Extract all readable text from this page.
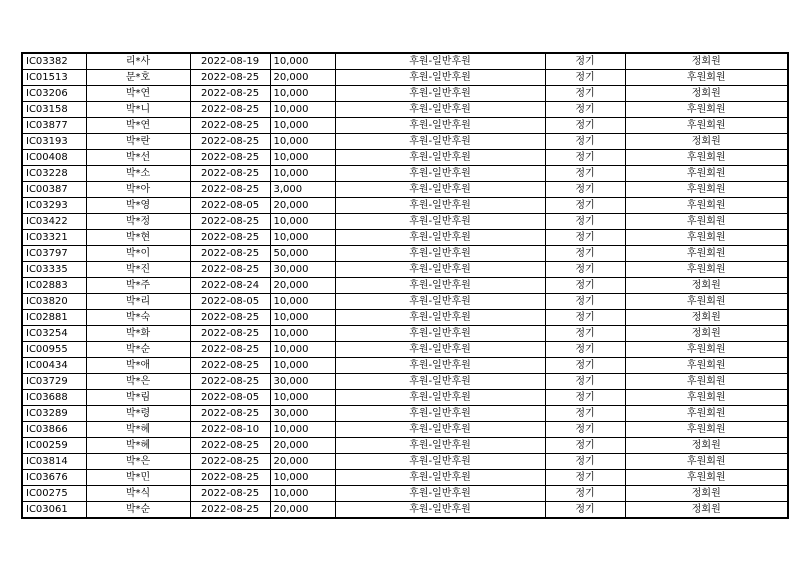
IC03382	리*사	2022-08-19	10,000	후원-일반후원	정기	정회원
IC01513	문*호	2022-08-25	20,000	후원-일반후원	정기	후원회원
IC03206	박*연	2022-08-25	10,000	후원-일반후원	정기	정회원
IC03158	박*니	2022-08-25	10,000	후원-일반후원	정기	후원회원
IC03877	박*연	2022-08-25	10,000	후원-일반후원	정기	후원회원
IC03193	박*란	2022-08-25	10,000	후원-일반후원	정기	정회원
IC00408	박*선	2022-08-25	10,000	후원-일반후원	정기	후원회원
IC03228	박*소	2022-08-25	10,000	후원-일반후원	정기	후원회원
IC00387	박*아	2022-08-25	3,000	후원-일반후원	정기	후원회원
IC03293	박*영	2022-08-05	20,000	후원-일반후원	정기	후원회원
IC03422	박*정	2022-08-25	10,000	후원-일반후원	정기	후원회원
IC03321	박*현	2022-08-25	10,000	후원-일반후원	정기	후원회원
IC03797	박*이	2022-08-25	50,000	후원-일반후원	정기	후원회원
IC03335	박*진	2022-08-25	30,000	후원-일반후원	정기	후원회원
IC02883	박*주	2022-08-24	20,000	후원-일반후원	정기	정회원
IC03820	박*리	2022-08-05	10,000	후원-일반후원	정기	후원회원
IC02881	박*숙	2022-08-25	10,000	후원-일반후원	정기	정회원
IC03254	박*화	2022-08-25	10,000	후원-일반후원	정기	정회원
IC00955	박*순	2022-08-25	10,000	후원-일반후원	정기	후원회원
IC00434	박*애	2022-08-25	10,000	후원-일반후원	정기	후원회원
IC03729	박*은	2022-08-25	30,000	후원-일반후원	정기	후원회원
IC03688	박*림	2022-08-05	10,000	후원-일반후원	정기	후원회원
IC03289	박*령	2022-08-25	30,000	후원-일반후원	정기	후원회원
IC03866	박*혜	2022-08-10	10,000	후원-일반후원	정기	후원회원
IC00259	박*혜	2022-08-25	20,000	후원-일반후원	정기	정회원
IC03814	박*은	2022-08-25	20,000	후원-일반후원	정기	후원회원
IC03676	박*민	2022-08-25	10,000	후원-일반후원	정기	후원회원
IC00275	박*식	2022-08-25	10,000	후원-일반후원	정기	정회원
IC03061	박*순	2022-08-25	20,000	후원-일반후원	정기	정회원
